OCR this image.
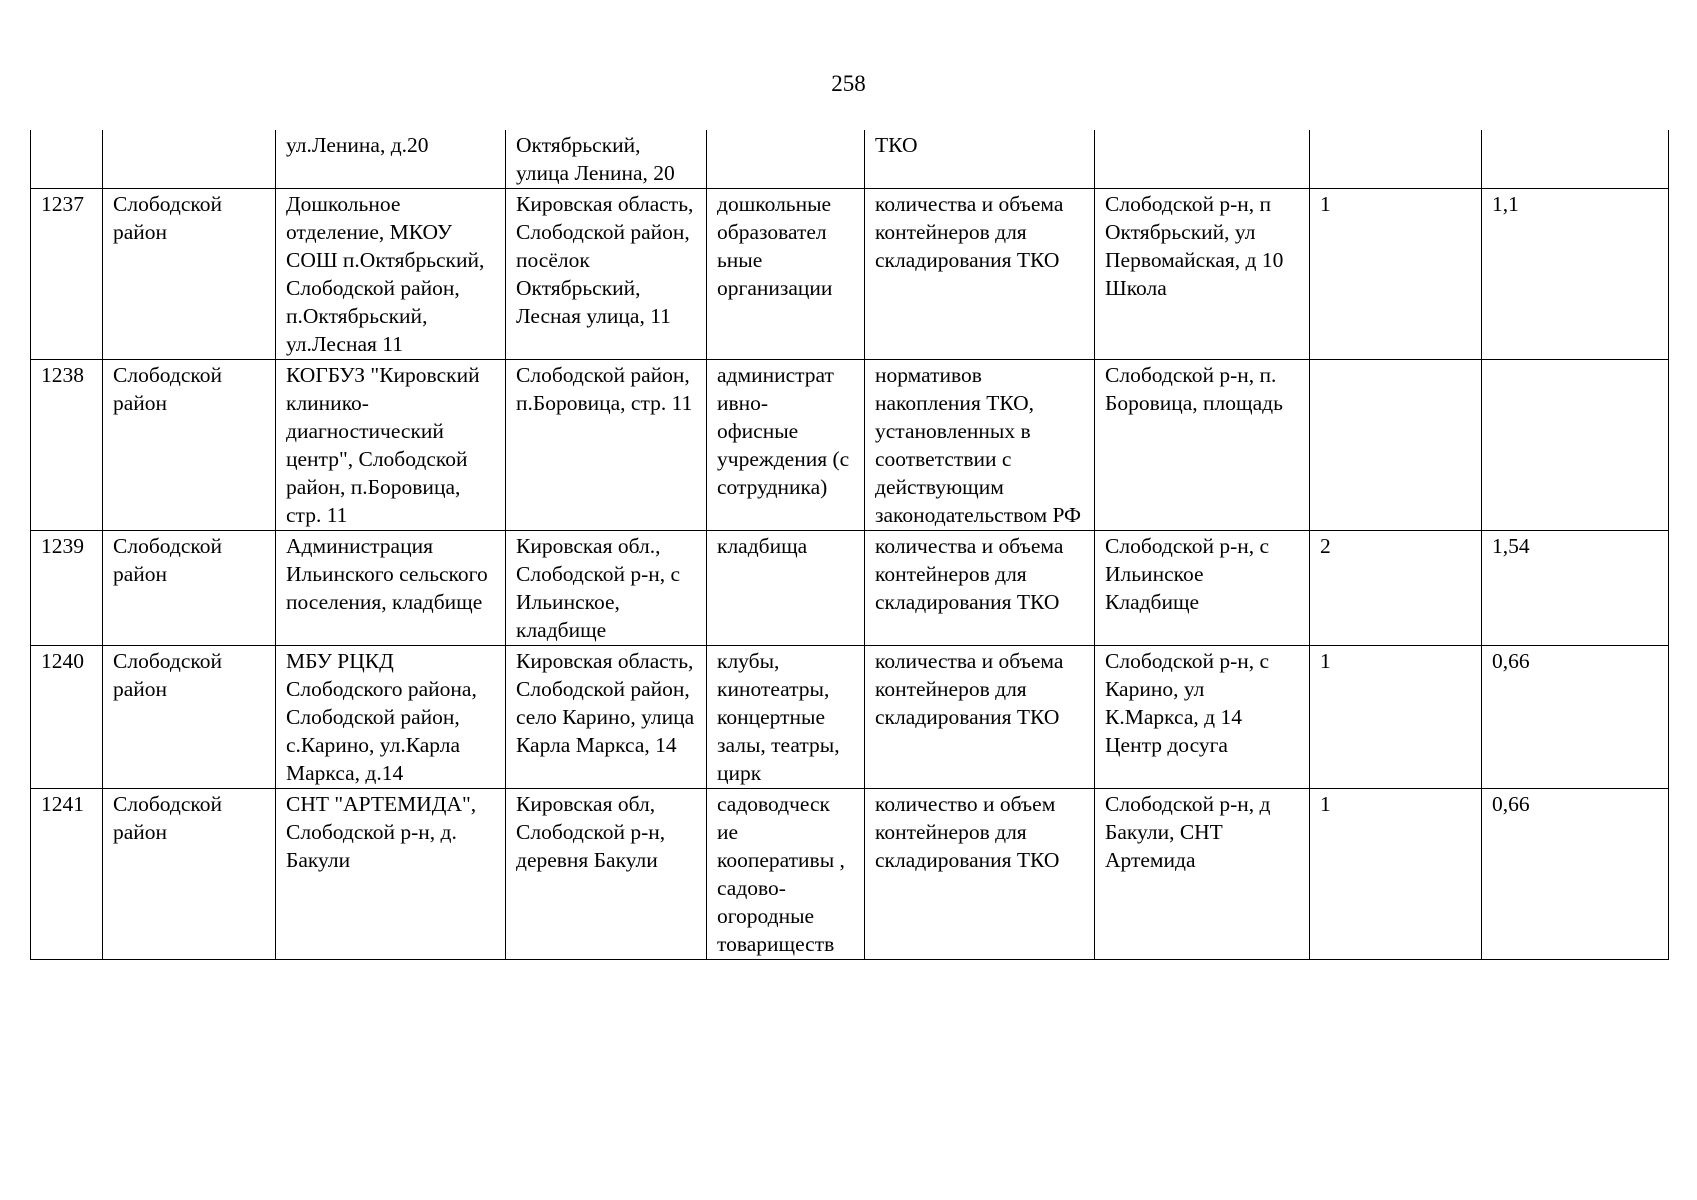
258
		ул.Ленина, д.20	Октябрьский, улица Ленина, 20		ТКО			
1237	Слободской район	Дошкольное отделение, МКОУ СОШ п.Октябрьский, Слободской район, п.Октябрьский, ул.Лесная 11	Кировская область, Слободской район, посёлок Октябрьский, Лесная улица, 11	дошкольные образовател ьные организации	количества и объема контейнеров для складирования ТКО	Слободской р-н, п Октябрьский, ул Первомайская, д 10 Школа	1	1,1
1238	Слободской район	КОГБУЗ "Кировский клинико- диагностический центр", Слободской район, п.Боровица, стр. 11	Слободской район, п.Боровица, стр. 11	администрат ивно- офисные учреждения (с сотрудника)	нормативов накопления ТКО, установленных в соответствии с действующим законодательством РФ	Слободской р-н, п. Боровица, площадь		
1239	Слободской район	Администрация Ильинского сельского поселения, кладбище	Кировская обл., Слободской р-н, с Ильинское, кладбище	кладбища	количества и объема контейнеров для складирования ТКО	Слободской р-н, с Ильинское Кладбище	2	1,54
1240	Слободской район	МБУ РЦКД Слободского района, Слободской район, с.Карино, ул.Карла Маркса, д.14	Кировская область, Слободской район, село Карино, улица Карла Маркса, 14	клубы, кинотеатры, концертные залы, театры, цирк	количества и объема контейнеров для складирования ТКО	Слободской р-н, с Карино, ул К.Маркса, д 14 Центр досуга	1	0,66
1241	Слободской район	СНТ "АРТЕМИДА", Слободской р-н, д. Бакули	Кировская обл, Слободской р-н, деревня Бакули	садоводческ ие кооперативы , садово- огородные товариществ	количество и объем контейнеров для складирования ТКО	Слободской р-н, д Бакули, СНТ Артемида	1	0,66
